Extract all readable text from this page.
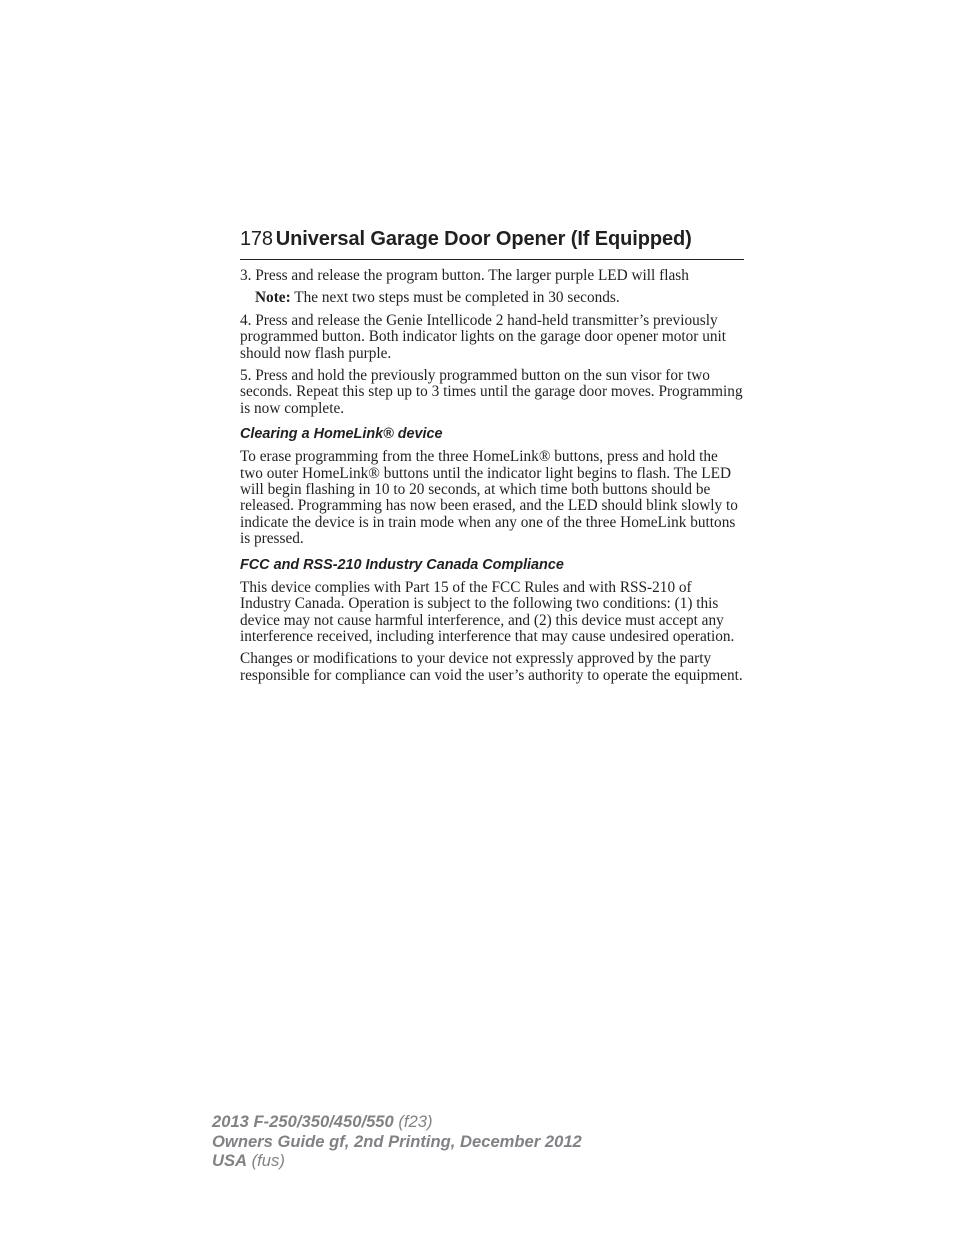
178 Universal Garage Door Opener (If Equipped)

3. Press and release the program button. The larger purple LED will flash

Note: The next two steps must be completed in 30 seconds.

4. Press and release the Genie Intellicode 2 hand-held transmitter’s previously programmed button. Both indicator lights on the garage door opener motor unit should now flash purple.

5. Press and hold the previously programmed button on the sun visor for two seconds. Repeat this step up to 3 times until the garage door moves. Programming is now complete.

Clearing a HomeLink® device

To erase programming from the three HomeLink® buttons, press and hold the two outer HomeLink® buttons until the indicator light begins to flash. The LED will begin flashing in 10 to 20 seconds, at which time both buttons should be released. Programming has now been erased, and the LED should blink slowly to indicate the device is in train mode when any one of the three HomeLink buttons is pressed.

FCC and RSS-210 Industry Canada Compliance

This device complies with Part 15 of the FCC Rules and with RSS-210 of Industry Canada. Operation is subject to the following two conditions: (1) this device may not cause harmful interference, and (2) this device must accept any interference received, including interference that may cause undesired operation.

Changes or modifications to your device not expressly approved by the party responsible for compliance can void the user’s authority to operate the equipment.

2013 F-250/350/450/550 (f23)
Owners Guide gf, 2nd Printing, December 2012
USA (fus)
